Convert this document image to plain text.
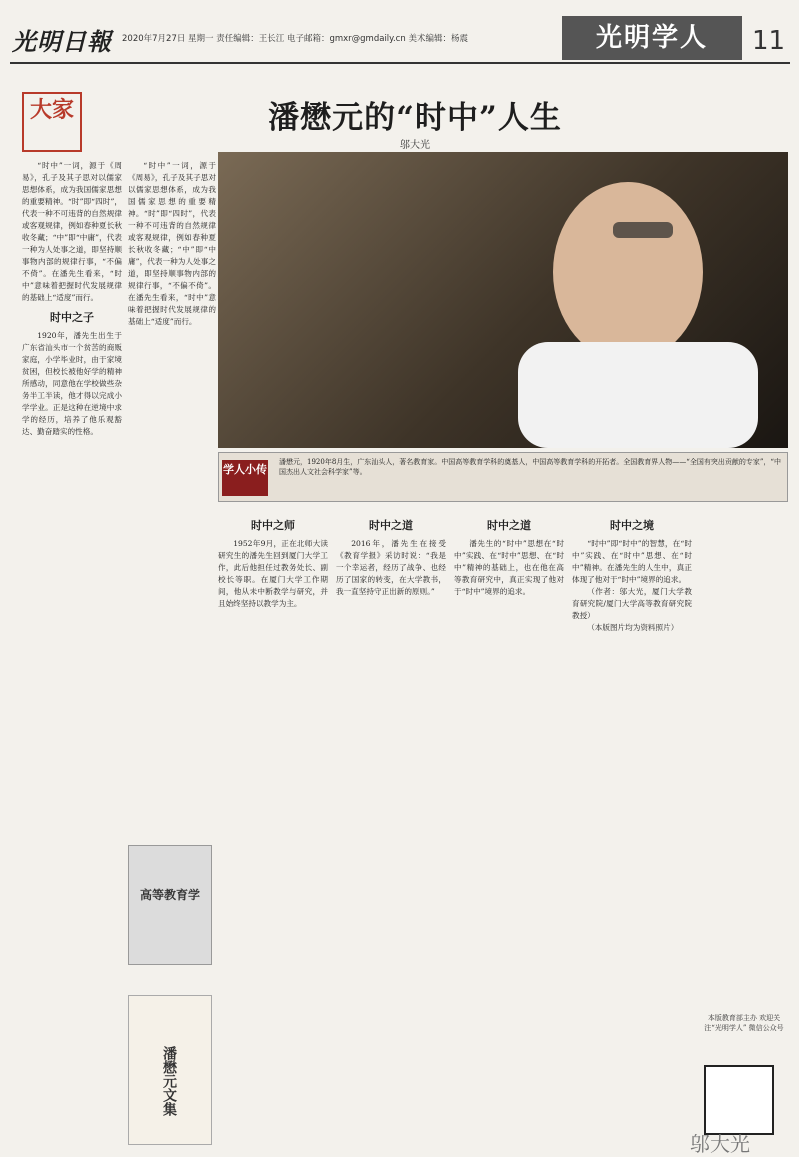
光明日報 2020年7月27日 星期一 责任编辑：王长江 电子邮箱：gmxr@gmdaily.cn 美术编辑：杨震	光明学人	11
大家	潘懋元的“时中”人生
邬大光
潘懋元，1920年8月生，广东汕头人，著名教育家。中国高等教育学科的奠基人，中国高等教育学科的开拓者。全国教育界人物——“全国有突出贡献的专家”，“中国杰出人文社会科学家”等。
学人小传

“时中”一词，源于《周易》，孔子及其子思对以儒家思想体系，成为我国儒家思想的重要精神。“时”即“四时”，代表一种不可违背的自然规律或客观规律，例如春种夏长秋收冬藏；“中”即“中庸”，代表一种为人处事之道，即坚持顺事物内部的规律行事，“不偏不倚”。在潘先生看来，“时中”意味着把握时代发展规律的基础上“适度”而行。

时中之子

1920年，潘先生出生于广东省汕头市一个贫苦的商贩家庭，小学毕业时，由于家境贫困，但校长被他好学的精神所感动，同意他在学校做些杂务半工半读，他才得以完成小学学业。正是这种在逆境中求学的经历，培养了他乐观豁达、勤奋踏实的性格。

“时中”一词，源于《周易》，孔子及其子思对以儒家思想体系，成为我国儒家思想的重要精神。“时”即“四时”，代表一种不可违背的自然规律或客观规律，例如春种夏长秋收冬藏；“中”即“中庸”，代表一种为人处事之道，即坚持顺事物内部的规律行事，“不偏不倚”。在潘先生看来，“时中”意味着把握时代发展规律的基础上“适度”而行。

时中之师

1952年9月，正在北师大读研究生的潘先生回到厦门大学工作，此后他担任过教务处长、副校长等职。在厦门大学工作期间，他从未中断教学与研究，并且始终坚持以教学为主。

时中之道

2016年，潘先生在接受《教育学报》采访时说：“我是一个幸运者，经历了战争、也经历了国家的转变，在大学教书，我一直坚持守正出新的原则。”

时中之道

潘先生的“时中”思想在“时中”实践、在“时中”思想、在“时中”精神的基础上，也在他在高等教育研究中，真正实现了他对于“时中”境界的追求。

时中之境

“时中”即“时中”的智慧，在“时中”实践、在“时中”思想、在“时中”精神。在潘先生的人生中，真正体现了他对于“时中”境界的追求。

（作者：邬大光，厦门大学教育研究院/厦门大学高等教育研究院教授）

（本版图片均为资料照片）

高等教育学
潘懋元文集
本版教育部主办 欢迎关注“光明学人” 微信公众号
邬大光
